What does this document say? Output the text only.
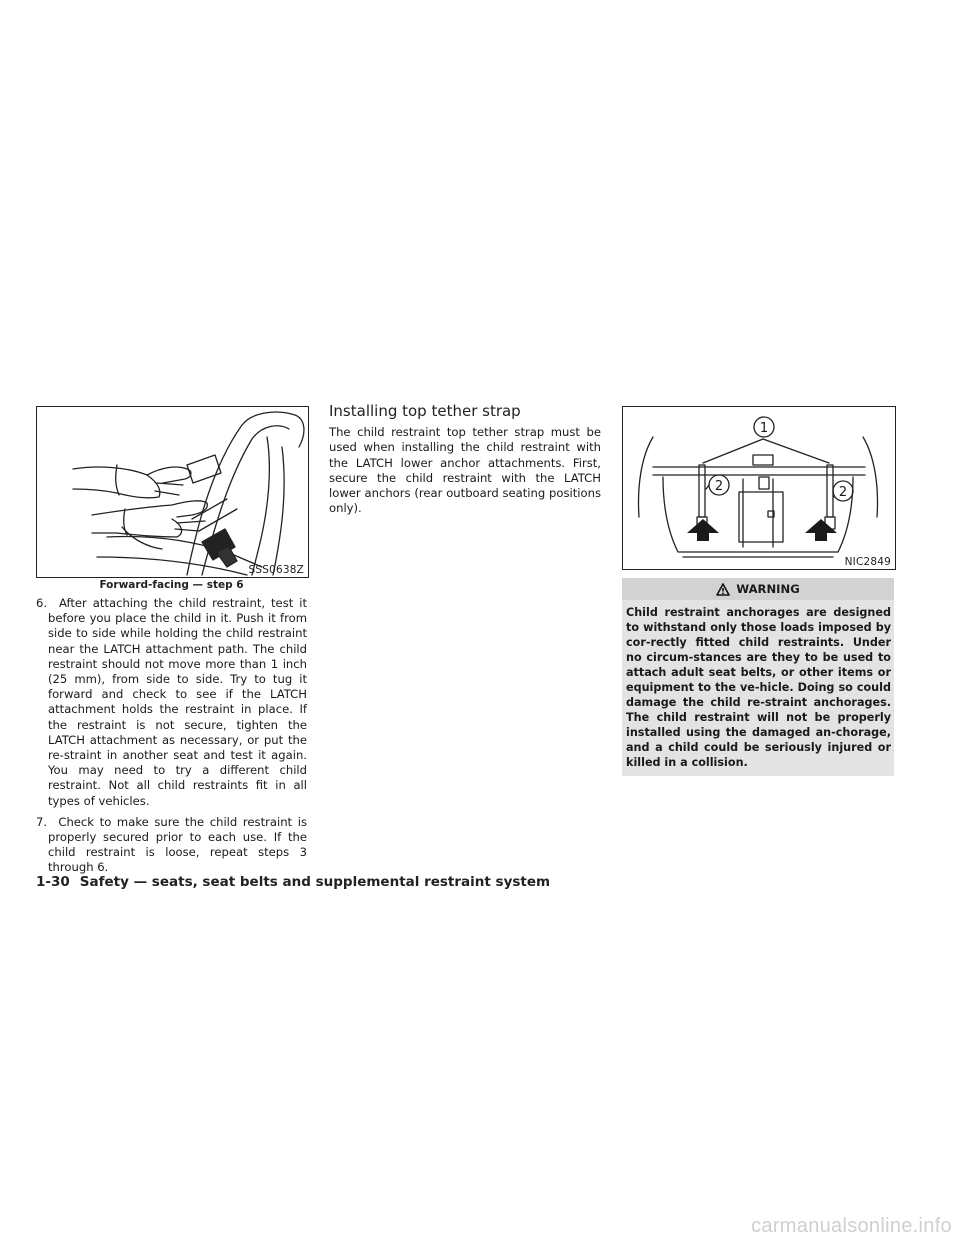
SSS0638Z
Forward-facing — step 6

6. After attaching the child restraint, test it before you place the child in it. Push it from side to side while holding the child restraint near the LATCH attachment path. The child restraint should not move more than 1 inch (25 mm), from side to side. Try to tug it forward and check to see if the LATCH attachment holds the restraint in place. If the restraint is not secure, tighten the LATCH attachment as necessary, or put the re-straint in another seat and test it again. You may need to try a different child restraint. Not all child restraints fit in all types of vehicles.

7. Check to make sure the child restraint is properly secured prior to each use. If the child restraint is loose, repeat steps 3 through 6.

Installing top tether strap

The child restraint top tether strap must be used when installing the child restraint with the LATCH lower anchor attachments. First, secure the child restraint with the LATCH lower anchors (rear outboard seating positions only).

1
2	2
NIC2849
WARNING
Child restraint anchorages are designed to withstand only those loads imposed by cor-rectly fitted child restraints. Under no circum-stances are they to be used to attach adult seat belts, or other items or equipment to the ve-hicle. Doing so could damage the child re-straint anchorages. The child restraint will not be properly installed using the damaged an-chorage, and a child could be seriously injured or killed in a collision.
1-30 Safety — seats, seat belts and supplemental restraint system
carmanualsonline.info
